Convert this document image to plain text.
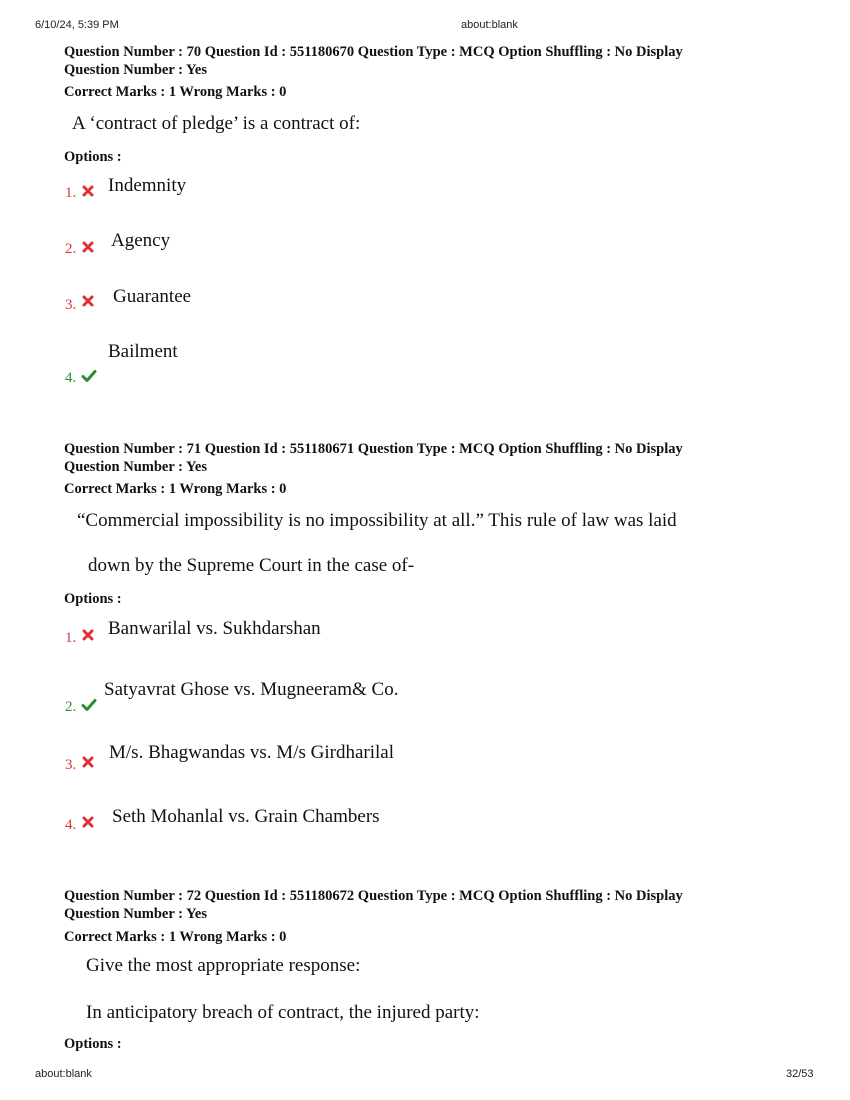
6/10/24, 5:39 PM	about:blank
Question Number : 70 Question Id : 551180670 Question Type : MCQ Option Shuffling : No Display
Question Number : Yes
Correct Marks : 1 Wrong Marks : 0
A ‘contract of pledge’ is a contract of:
Options :
1. Indemnity
2. Agency
3. Guarantee
4.
Bailment
Question Number : 71 Question Id : 551180671 Question Type : MCQ Option Shuffling : No Display
Question Number : Yes
Correct Marks : 1 Wrong Marks : 0
“Commercial impossibility is no impossibility at all.” This rule of law was laid
down by the Supreme Court in the case of-
Options :
1. Banwarilal vs. Sukhdarshan
2.
Satyavrat Ghose vs. Mugneeram& Co.
3.
M/s. Bhagwandas vs. M/s Girdharilal
4. Seth Mohanlal vs. Grain Chambers
Question Number : 72 Question Id : 551180672 Question Type : MCQ Option Shuffling : No Display
Question Number : Yes
Correct Marks : 1 Wrong Marks : 0
Give the most appropriate response:
In anticipatory breach of contract, the injured party:
Options :
about:blank	32/53
